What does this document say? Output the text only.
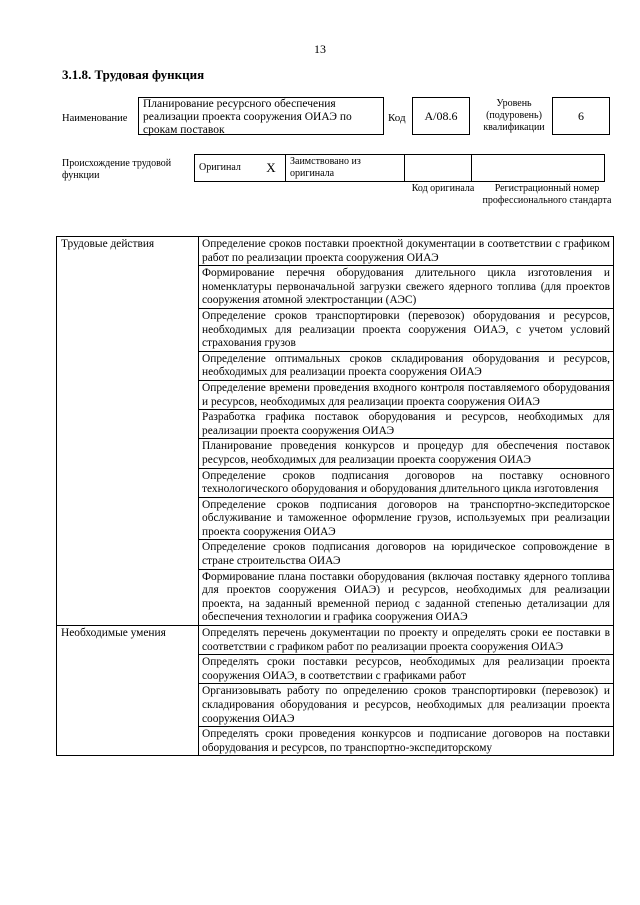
13
3.1.8. Трудовая функция
Наименование
Планирование ресурсного обеспечения реализации проекта сооружения ОИАЭ по срокам поставок
Код A/08.6
Уровень (подуровень) квалификации
6
Происхождение трудовой функции
Оригинал	X	Заимствовано из оригинала		
Код оригинала	Регистрационный номер профессионального стандарта
Трудовые действия	Определение сроков поставки проектной документации в соответствии с графиком работ по реализации проекта сооружения ОИАЭ
	Формирование перечня оборудования длительного цикла изготовления и номенклатуры первоначальной загрузки свежего ядерного топлива (для проектов сооружения атомной электростанции (АЭС)
	Определение сроков транспортировки (перевозок) оборудования и ресурсов, необходимых для реализации проекта сооружения ОИАЭ, с учетом условий страхования грузов
	Определение оптимальных сроков складирования оборудования и ресурсов, необходимых для реализации проекта сооружения ОИАЭ
	Определение времени проведения входного контроля поставляемого оборудования и ресурсов, необходимых для реализации проекта сооружения ОИАЭ
	Разработка графика поставок оборудования и ресурсов, необходимых для реализации проекта сооружения ОИАЭ
	Планирование проведения конкурсов и процедур для обеспечения поставок ресурсов, необходимых для реализации проекта сооружения ОИАЭ
	Определение сроков подписания договоров на поставку основного технологического оборудования и оборудования длительного цикла изготовления
	Определение сроков подписания договоров на транспортно-экспедиторское обслуживание и таможенное оформление грузов, используемых при реализации проекта сооружения ОИАЭ
	Определение сроков подписания договоров на юридическое сопровождение в стране строительства ОИАЭ
	Формирование плана поставки оборудования (включая поставку ядерного топлива для проектов сооружения ОИАЭ) и ресурсов, необходимых для реализации проекта, на заданный временной период с заданной степенью детализации для обеспечения технологии и графика сооружения ОИАЭ
Необходимые умения	Определять перечень документации по проекту и определять сроки ее поставки в соответствии с графиком работ по реализации проекта сооружения ОИАЭ
	Определять сроки поставки ресурсов, необходимых для реализации проекта сооружения ОИАЭ, в соответствии с графиками работ
	Организовывать работу по определению сроков транспортировки (перевозок) и складирования оборудования и ресурсов, необходимых для реализации проекта сооружения ОИАЭ
	Определять сроки проведения конкурсов и подписание договоров на поставки оборудования и ресурсов, по транспортно-экспедиторскому
